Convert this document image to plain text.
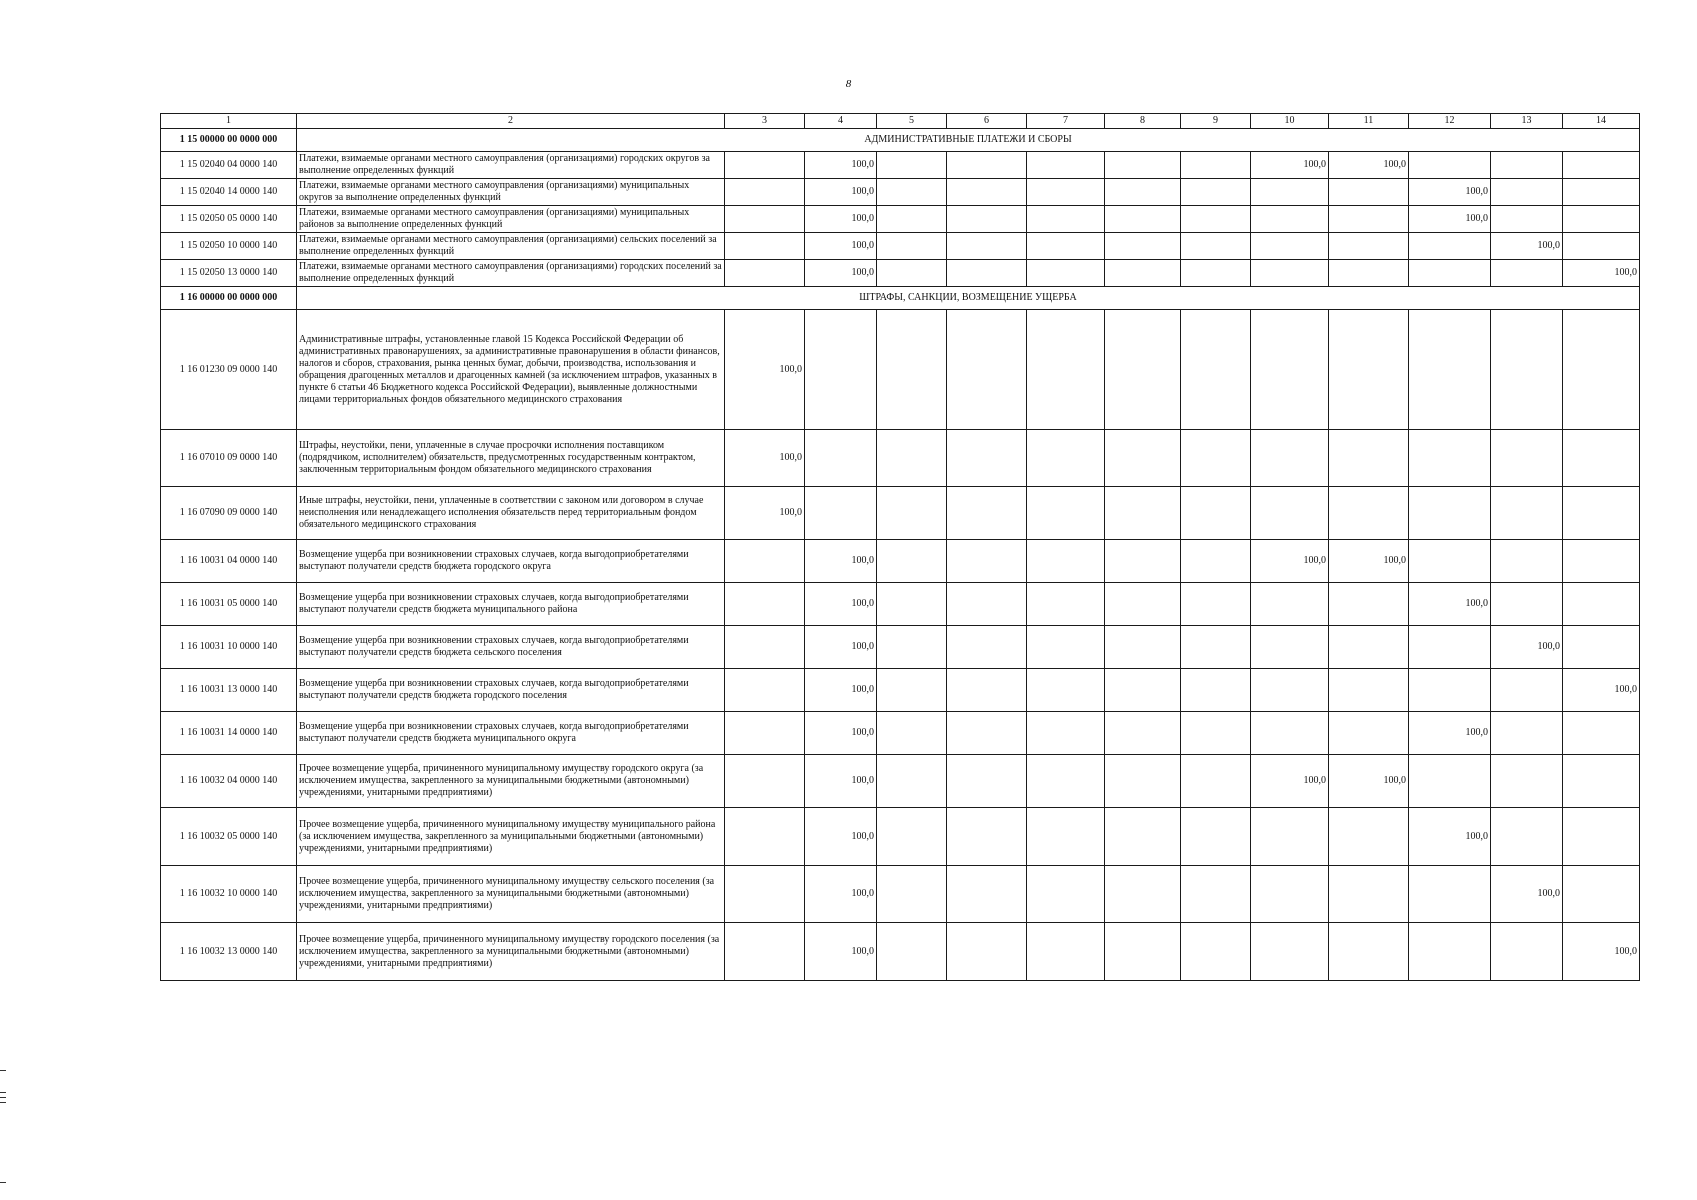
8
1	2	3	4	5	6	7	8	9	10	11	12	13	14
1 15 00000 00 0000 000	АДМИНИСТРАТИВНЫЕ ПЛАТЕЖИ И СБОРЫ												
1 15 02040 04 0000 140	Платежи, взимаемые органами местного самоуправления (организациями) городских округов за выполнение определенных функций		100,0						100,0	100,0			
1 15 02040 14 0000 140	Платежи, взимаемые органами местного самоуправления (организациями) муниципальных округов за выполнение определенных функций		100,0								100,0		
1 15 02050 05 0000 140	Платежи, взимаемые органами местного самоуправления (организациями) муниципальных районов за выполнение определенных функций		100,0								100,0		
1 15 02050 10 0000 140	Платежи, взимаемые органами местного самоуправления (организациями) сельских поселений за выполнение определенных функций		100,0									100,0	
1 15 02050 13 0000 140	Платежи, взимаемые органами местного самоуправления (организациями) городских поселений за выполнение определенных функций		100,0										100,0
1 16 00000 00 0000 000	ШТРАФЫ, САНКЦИИ, ВОЗМЕЩЕНИЕ УЩЕРБА												
1 16 01230 09 0000 140	Административные штрафы, установленные главой 15 Кодекса Российской Федерации об административных правонарушениях, за административные правонарушения в области финансов, налогов и сборов, страхования, рынка ценных бумаг, добычи, производства, использования и обращения драгоценных металлов и драгоценных камней (за исключением штрафов, указанных в пункте 6 статьи 46 Бюджетного кодекса Российской Федерации), выявленные должностными лицами территориальных фондов обязательного медицинского страхования	100,0											
1 16 07010 09 0000 140	Штрафы, неустойки, пени, уплаченные в случае просрочки исполнения поставщиком (подрядчиком, исполнителем) обязательств, предусмотренных государственным контрактом, заключенным территориальным фондом обязательного медицинского страхования	100,0											
1 16 07090 09 0000 140	Иные штрафы, неустойки, пени, уплаченные в соответствии с законом или договором в случае неисполнения или ненадлежащего исполнения обязательств перед территориальным фондом обязательного медицинского страхования	100,0											
1 16 10031 04 0000 140	Возмещение ущерба при возникновении страховых случаев, когда выгодоприобретателями выступают получатели средств бюджета городского округа		100,0						100,0	100,0			
1 16 10031 05 0000 140	Возмещение ущерба при возникновении страховых случаев, когда выгодоприобретателями выступают получатели средств бюджета муниципального района		100,0								100,0		
1 16 10031 10 0000 140	Возмещение ущерба при возникновении страховых случаев, когда выгодоприобретателями выступают получатели средств бюджета сельского поселения		100,0									100,0	
1 16 10031 13 0000 140	Возмещение ущерба при возникновении страховых случаев, когда выгодоприобретателями выступают получатели средств бюджета городского поселения		100,0										100,0
1 16 10031 14 0000 140	Возмещение ущерба при возникновении страховых случаев, когда выгодоприобретателями выступают получатели средств бюджета муниципального округа		100,0								100,0		
1 16 10032 04 0000 140	Прочее возмещение ущерба, причиненного муниципальному имуществу городского округа (за исключением имущества, закрепленного за муниципальными бюджетными (автономными) учреждениями, унитарными предприятиями)		100,0						100,0	100,0			
1 16 10032 05 0000 140	Прочее возмещение ущерба, причиненного муниципальному имуществу муниципального района (за исключением имущества, закрепленного за муниципальными бюджетными (автономными) учреждениями, унитарными предприятиями)		100,0								100,0		
1 16 10032 10 0000 140	Прочее возмещение ущерба, причиненного муниципальному имуществу сельского поселения (за исключением имущества, закрепленного за муниципальными бюджетными (автономными) учреждениями, унитарными предприятиями)		100,0									100,0	
1 16 10032 13 0000 140	Прочее возмещение ущерба, причиненного муниципальному имуществу городского поселения (за исключением имущества, закрепленного за муниципальными бюджетными (автономными) учреждениями, унитарными предприятиями)		100,0										100,0
